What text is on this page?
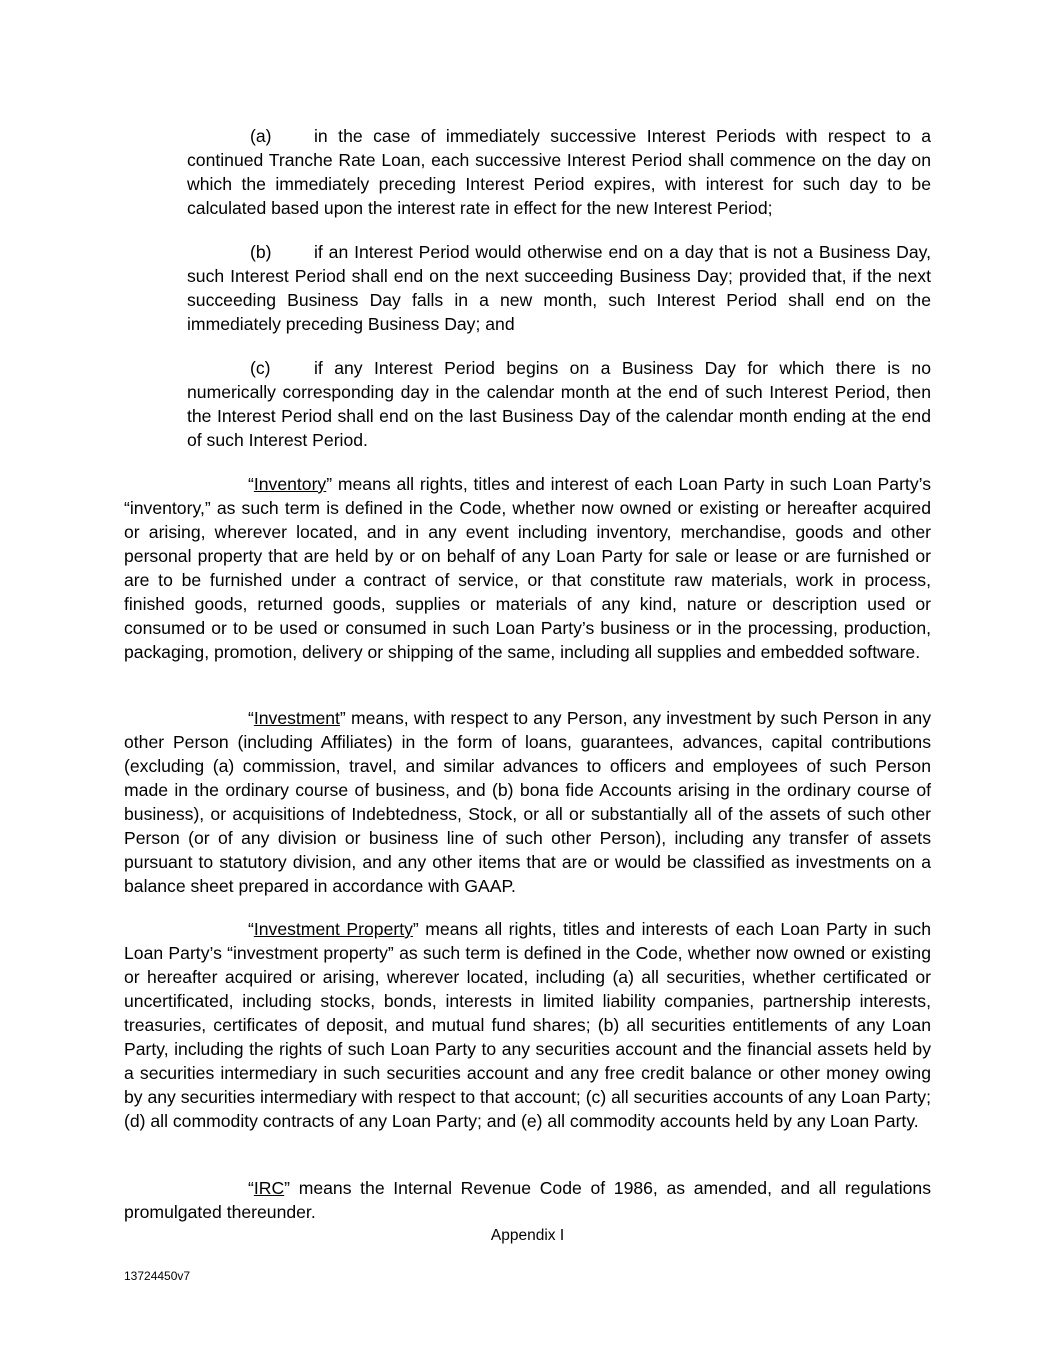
(a) in the case of immediately successive Interest Periods with respect to a continued Tranche Rate Loan, each successive Interest Period shall commence on the day on which the immediately preceding Interest Period expires, with interest for such day to be calculated based upon the interest rate in effect for the new Interest Period;

(b) if an Interest Period would otherwise end on a day that is not a Business Day, such Interest Period shall end on the next succeeding Business Day; provided that, if the next succeeding Business Day falls in a new month, such Interest Period shall end on the immediately preceding Business Day; and

(c) if any Interest Period begins on a Business Day for which there is no numerically corresponding day in the calendar month at the end of such Interest Period, then the Interest Period shall end on the last Business Day of the calendar month ending at the end of such Interest Period.

“Inventory” means all rights, titles and interest of each Loan Party in such Loan Party’s “inventory,” as such term is defined in the Code, whether now owned or existing or hereafter acquired or arising, wherever located, and in any event including inventory, merchandise, goods and other personal property that are held by or on behalf of any Loan Party for sale or lease or are furnished or are to be furnished under a contract of service, or that constitute raw materials, work in process, finished goods, returned goods, supplies or materials of any kind, nature or description used or consumed or to be used or consumed in such Loan Party’s business or in the processing, production, packaging, promotion, delivery or shipping of the same, including all supplies and embedded software.

“Investment” means, with respect to any Person, any investment by such Person in any other Person (including Affiliates) in the form of loans, guarantees, advances, capital contributions (excluding (a) commission, travel, and similar advances to officers and employees of such Person made in the ordinary course of business, and (b) bona fide Accounts arising in the ordinary course of business), or acquisitions of Indebtedness, Stock, or all or substantially all of the assets of such other Person (or of any division or business line of such other Person), including any transfer of assets pursuant to statutory division, and any other items that are or would be classified as investments on a balance sheet prepared in accordance with GAAP.

“Investment Property” means all rights, titles and interests of each Loan Party in such Loan Party’s “investment property” as such term is defined in the Code, whether now owned or existing or hereafter acquired or arising, wherever located, including (a) all securities, whether certificated or uncertificated, including stocks, bonds, interests in limited liability companies, partnership interests, treasuries, certificates of deposit, and mutual fund shares; (b) all securities entitlements of any Loan Party, including the rights of such Loan Party to any securities account and the financial assets held by a securities intermediary in such securities account and any free credit balance or other money owing by any securities intermediary with respect to that account; (c) all securities accounts of any Loan Party; (d) all commodity contracts of any Loan Party; and (e) all commodity accounts held by any Loan Party.

“IRC” means the Internal Revenue Code of 1986, as amended, and all regulations promulgated thereunder.

Appendix I
13724450v7
